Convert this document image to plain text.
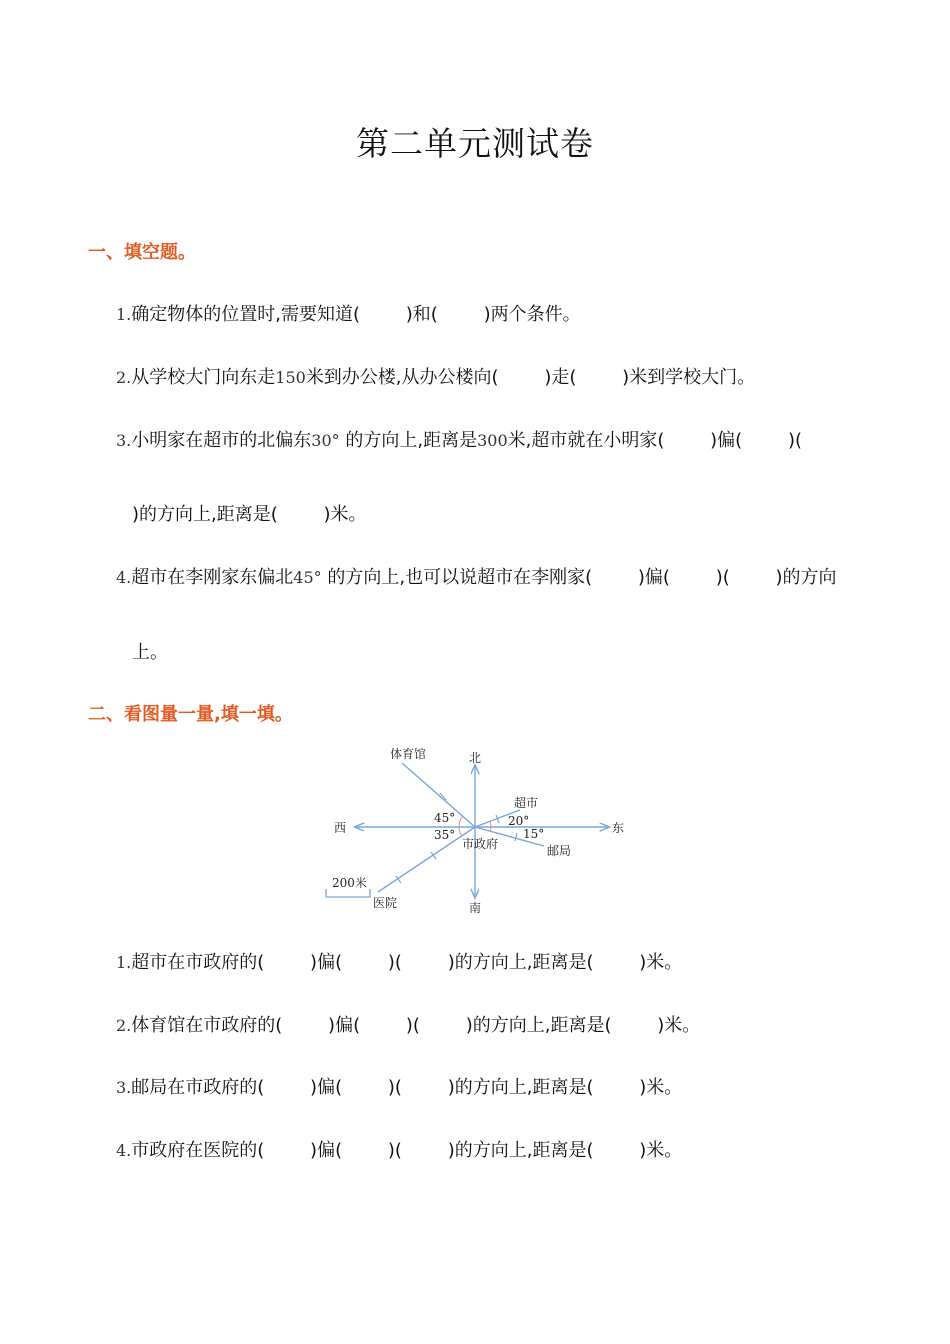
第二单元测试卷
一、填空题。
1.确定物体的位置时,需要知道(        )和(        )两个条件。
2.从学校大门向东走150米到办公楼,从办公楼向(        )走(        )米到学校大门。
3.小明家在超市的北偏东30° 的方向上,距离是300米,超市就在小明家(        )偏(        )(
)的方向上,距离是(        )米。
4.超市在李刚家东偏北45° 的方向上,也可以说超市在李刚家(        )偏(        )(        )的方向
上。
二、看图量一量,填一填。
北
南
东
西
市政府
体育馆
超市
邮局
医院
45°
35°
20°
15°
200米
1.超市在市政府的(        )偏(        )(        )的方向上,距离是(        )米。
2.体育馆在市政府的(        )偏(        )(        )的方向上,距离是(        )米。
3.邮局在市政府的(        )偏(        )(        )的方向上,距离是(        )米。
4.市政府在医院的(        )偏(        )(        )的方向上,距离是(        )米。
